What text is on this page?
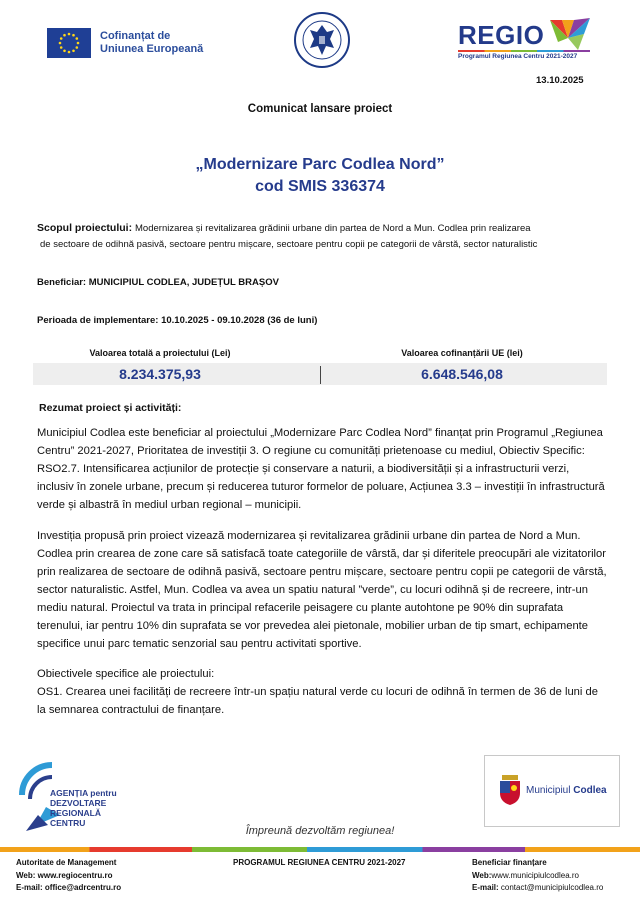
Cofinanțat de
Uniunea Europeană	REGIO
Programul Regiunea Centru 2021-2027
13.10.2025
Comunicat lansare proiect
„Modernizare Parc Codlea Nord”
cod SMIS 336374
Scopul proiectului: Modernizarea și revitalizarea grădinii urbane din partea de Nord a Mun. Codlea prin realizarea
de sectoare de odihnă pasivă, sectoare pentru mișcare, sectoare pentru copii pe categorii de vârstă, sector naturalistic
Beneficiar: MUNICIPIUL CODLEA, JUDEȚUL BRAȘOV
Perioada de implementare: 10.10.2025 - 09.10.2028 (36 de luni)
Valoarea totală a proiectului (Lei)	Valoarea cofinanțării UE (lei)
8.234.375,93	6.648.546,08
Rezumat proiect și activități:
Municipiul Codlea este beneficiar al proiectului „Modernizare Parc Codlea Nord” finanțat prin Programul „Regiunea Centru” 2021-2027, Prioritatea de investiții 3. O regiune cu comunități prietenoase cu mediul, Obiectiv Specific: RSO2.7. Intensificarea acțiunilor de protecție și conservare a naturii, a biodiversității și a infrastructurii verzi, inclusiv în zonele urbane, precum și reducerea tuturor formelor de poluare, Acțiunea 3.3 – investiții în infrastructură verde și albastră în mediul urban regional – municipii.
Investiția propusă prin proiect vizează modernizarea și revitalizarea grădinii urbane din partea de Nord a Mun. Codlea prin crearea de zone care să satisfacă toate categoriile de vârstă, dar și diferitele preocupări ale vizitatorilor prin realizarea de sectoare de odihnă pasivă, sectoare pentru mișcare, sectoare pentru copii pe categorii de vârstă, sector naturalistic. Astfel, Mun. Codlea va avea un spatiu natural ”verde”, cu locuri odihnă și de recreere, intr-un mediu natural. Proiectul va trata in principal refacerile peisagere cu plante autohtone pe 90% din suprafata terenului, iar pentru 10% din suprafata se vor prevedea alei pietonale, mobilier urban de tip smart, echipamente specifice unui parc tematic senzorial sau pentru activitati sportive.
Obiectivele specifice ale proiectului:
OS1. Crearea unei facilități de recreere într-un spațiu natural verde cu locuri de odihnă în termen de 36 de luni de la semnarea contractului de finanțare.
AGENȚIA pentru
DEZVOLTARE
REGIONALĂ
CENTRU
Municipiul Codlea
Împreună dezvoltăm regiunea!
Autoritate de Management
Web: www.regiocentru.ro
E-mail: office@adrcentru.ro
PROGRAMUL REGIUNEA CENTRU 2021-2027	Beneficiar finanțare
Web:www.municipiulcodlea.ro
E-mail: contact@municipiulcodlea.ro
